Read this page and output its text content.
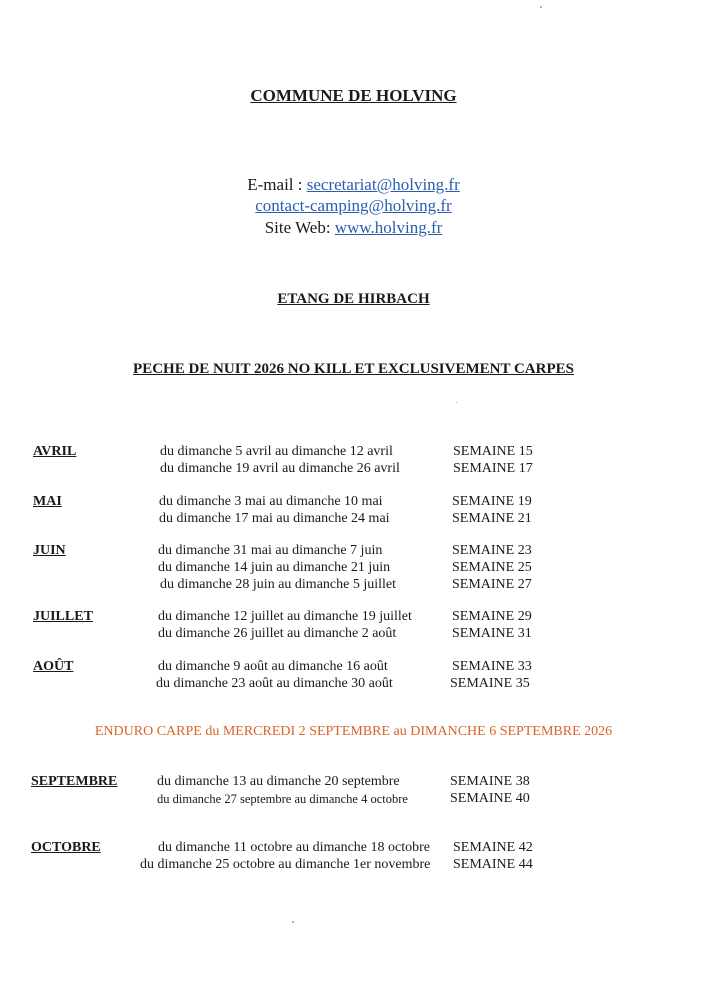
COMMUNE DE HOLVING
E-mail : secretariat@holving.fr
contact-camping@holving.fr
Site Web: www.holving.fr
ETANG DE HIRBACH
PECHE DE NUIT 2026 NO KILL ET EXCLUSIVEMENT CARPES
AVRIL	du dimanche 5 avril au dimanche 12 avril	SEMAINE 15
du dimanche 19 avril au dimanche 26 avril	SEMAINE 17
MAI	du dimanche 3 mai au dimanche 10 mai	SEMAINE 19
du dimanche 17 mai au dimanche 24 mai	SEMAINE 21
JUIN	du dimanche 31 mai au dimanche 7 juin	SEMAINE 23
du dimanche 14 juin au dimanche 21 juin	SEMAINE 25
du dimanche 28 juin au dimanche 5 juillet	SEMAINE 27
JUILLET	du dimanche 12 juillet au dimanche 19 juillet	SEMAINE 29
du dimanche 26 juillet au dimanche 2 août	SEMAINE 31
AOÛT	du dimanche 9 août au dimanche 16 août	SEMAINE 33
du dimanche 23 août au dimanche 30 août	SEMAINE 35
ENDURO CARPE du MERCREDI 2 SEPTEMBRE au DIMANCHE 6 SEPTEMBRE 2026
SEPTEMBRE	du dimanche 13 au dimanche 20 septembre	SEMAINE 38
du dimanche 27 septembre au dimanche 4 octobre	SEMAINE 40
OCTOBRE	du dimanche 11 octobre au dimanche 18 octobre SEMAINE 42
du dimanche 25 octobre au dimanche 1er novembre SEMAINE 44
